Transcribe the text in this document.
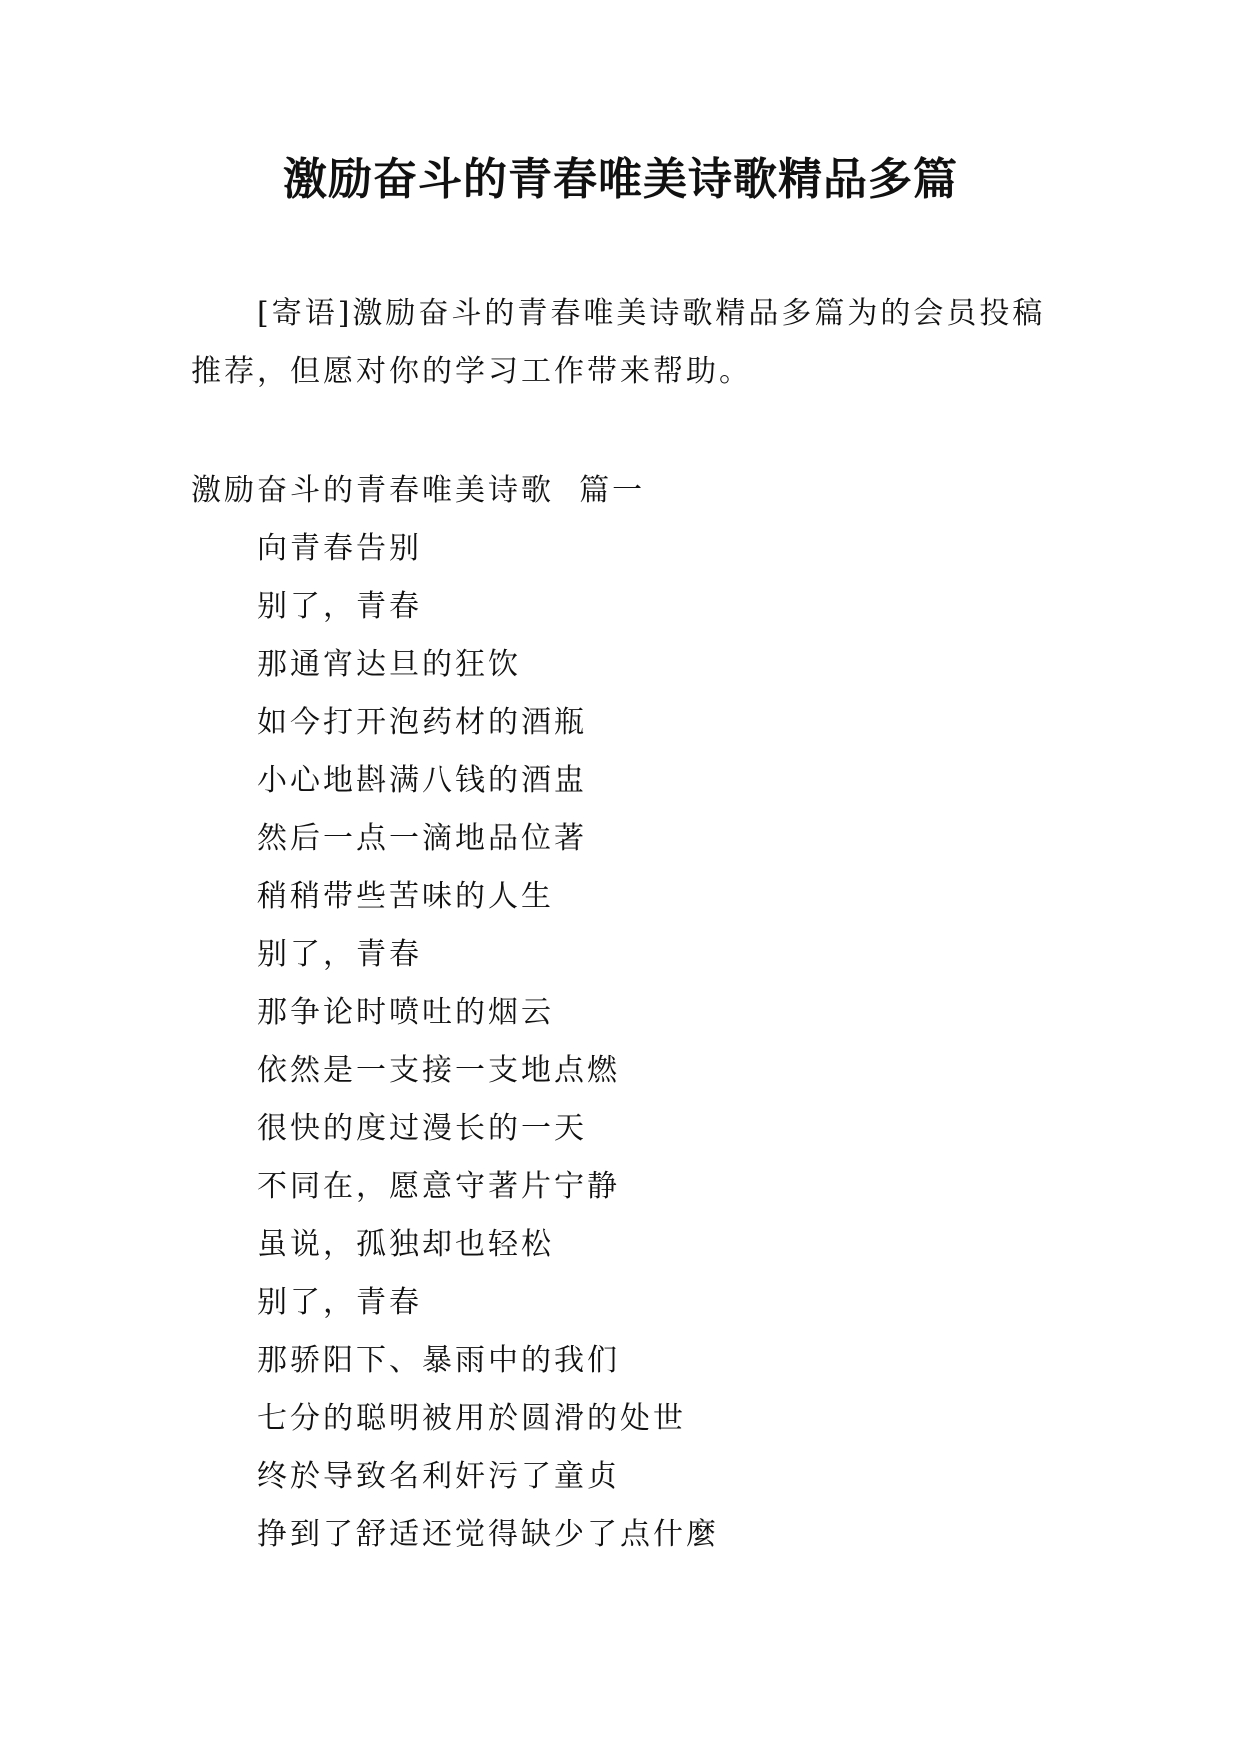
激励奋斗的青春唯美诗歌精品多篇

[寄语]激励奋斗的青春唯美诗歌精品多篇为的会员投稿推荐，但愿对你的学习工作带来帮助。

激励奋斗的青春唯美诗歌  篇一

向青春告别
别了，青春
那通宵达旦的狂饮
如今打开泡药材的酒瓶
小心地斟满八钱的酒盅
然后一点一滴地品位著
稍稍带些苦味的人生
别了，青春
那争论时喷吐的烟云
依然是一支接一支地点燃
很快的度过漫长的一天
不同在，愿意守著片宁静
虽说，孤独却也轻松
别了，青春
那骄阳下、暴雨中的我们
七分的聪明被用於圆滑的处世
终於导致名利奸污了童贞
挣到了舒适还觉得缺少了点什麼
